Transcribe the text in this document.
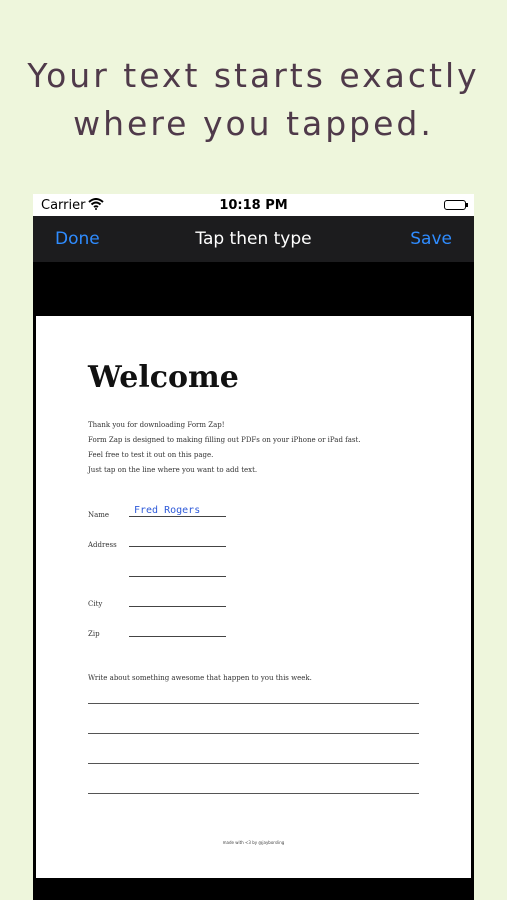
Your text starts exactly
where you tapped.
Carrier	10:18 PM
Done	Tap then type	Save
Welcome
Thank you for downloading Form Zap!
Form Zap is designed to making filling out PDFs on your iPhone or iPad fast.
Feel free to test it out on this page.
Just tap on the line where you want to add text.
Name Fred Rogers
Address
City
Zip
Write about something awesome that happen to you this week.
made with <3 by @jayborsling
